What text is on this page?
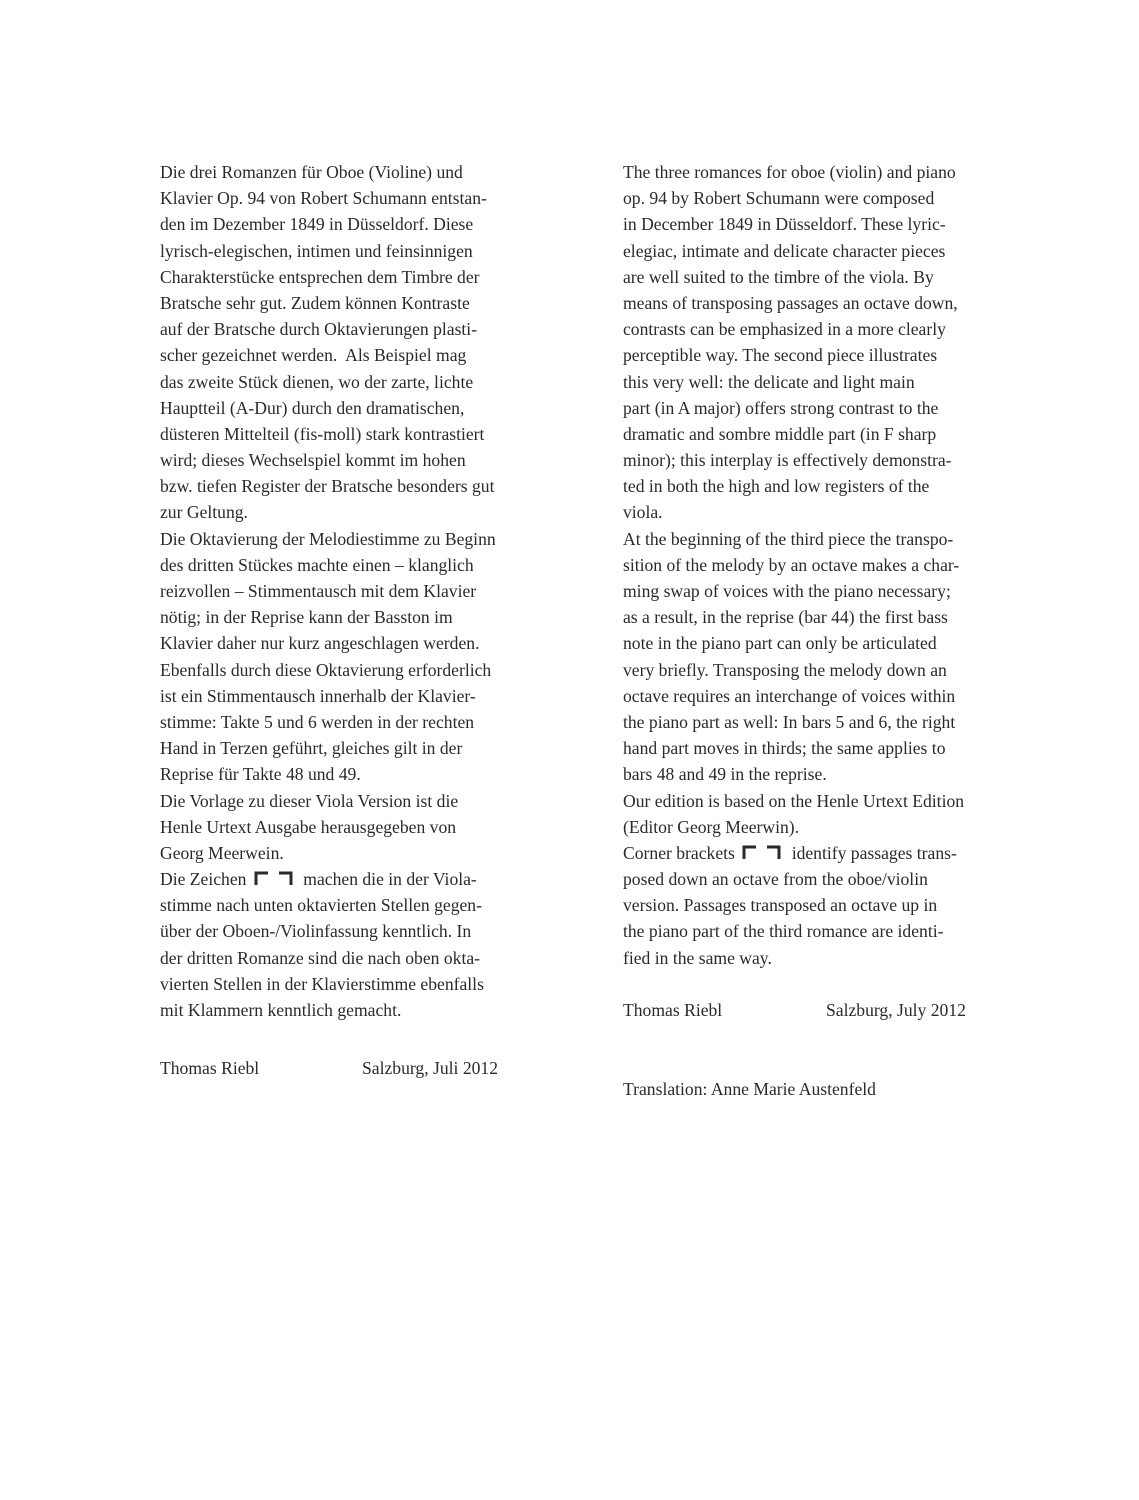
Die drei Romanzen für Oboe (Violine) und
Klavier Op. 94 von Robert Schumann entstan-
den im Dezember 1849 in Düsseldorf. Diese
lyrisch-elegischen, intimen und feinsinnigen
Charakterstücke entsprechen dem Timbre der
Bratsche sehr gut. Zudem können Kontraste
auf der Bratsche durch Oktavierungen plasti-
scher gezeichnet werden.  Als Beispiel mag
das zweite Stück dienen, wo der zarte, lichte
Hauptteil (A-Dur) durch den dramatischen,
düsteren Mittelteil (fis-moll) stark kontrastiert
wird; dieses Wechselspiel kommt im hohen
bzw. tiefen Register der Bratsche besonders gut
zur Geltung.
Die Oktavierung der Melodiestimme zu Beginn
des dritten Stückes machte einen – klanglich
reizvollen – Stimmentausch mit dem Klavier
nötig; in der Reprise kann der Basston im
Klavier daher nur kurz angeschlagen werden.
Ebenfalls durch diese Oktavierung erforderlich
ist ein Stimmentausch innerhalb der Klavier-
stimme: Takte 5 und 6 werden in der rechten
Hand in Terzen geführt, gleiches gilt in der
Reprise für Takte 48 und 49.
Die Vorlage zu dieser Viola Version ist die
Henle Urtext Ausgabe herausgegeben von
Georg Meerwein.
Die Zeichen	machen die in der Viola-
stimme nach unten oktavierten Stellen gegen-
über der Oboen-/Violinfassung kenntlich. In
der dritten Romanze sind die nach oben okta-
vierten Stellen in der Klavierstimme ebenfalls
mit Klammern kenntlich gemacht.
Thomas Riebl	Salzburg, Juli 2012
The three romances for oboe (violin) and piano
op. 94 by Robert Schumann were composed
in December 1849 in Düsseldorf. These lyric-
elegiac, intimate and delicate character pieces
are well suited to the timbre of the viola. By
means of transposing passages an octave down,
contrasts can be emphasized in a more clearly
perceptible way. The second piece illustrates
this very well: the delicate and light main
part (in A major) offers strong contrast to the
dramatic and sombre middle part (in F sharp
minor); this interplay is effectively demonstra-
ted in both the high and low registers of the
viola.
At the beginning of the third piece the transpo-
sition of the melody by an octave makes a char-
ming swap of voices with the piano necessary;
as a result, in the reprise (bar 44) the first bass
note in the piano part can only be articulated
very briefly. Transposing the melody down an
octave requires an interchange of voices within
the piano part as well: In bars 5 and 6, the right
hand part moves in thirds; the same applies to
bars 48 and 49 in the reprise.
Our edition is based on the Henle Urtext Edition
(Editor Georg Meerwin).
Corner brackets	identify passages trans-
posed down an octave from the oboe/violin
version. Passages transposed an octave up in
the piano part of the third romance are identi-
fied in the same way.
Thomas Riebl	Salzburg, July 2012
Translation: Anne Marie Austenfeld
